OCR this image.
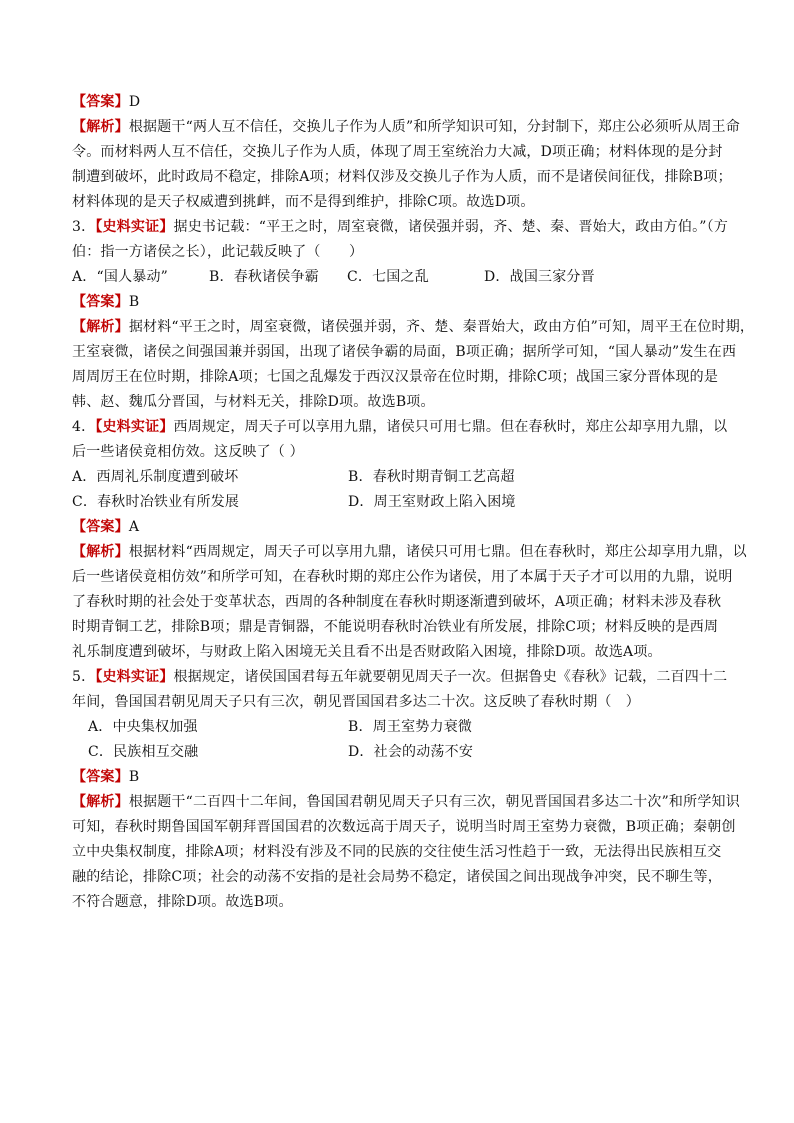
【答案】D
【解析】根据题干“两人互不信任，交换儿子作为人质”和所学知识可知，分封制下，郑庄公必须听从周王命
令。而材料两人互不信任，交换儿子作为人质，体现了周王室统治力大减，D项正确；材料体现的是分封
制遭到破坏，此时政局不稳定，排除A项；材料仅涉及交换儿子作为人质，而不是诸侯间征伐，排除B项；
材料体现的是天子权威遭到挑衅，而不是得到维护，排除C项。故选D项。
3．【史料实证】据史书记载：“平王之时，周室衰微，诸侯强并弱，齐、楚、秦、晋始大，政由方伯。”（方
伯：指一方诸侯之长），此记载反映了（　　）
A．“国人暴动”	B．春秋诸侯争霸	C．七国之乱	D．战国三家分晋
【答案】B
【解析】据材料“平王之时，周室衰微，诸侯强并弱，齐、楚、秦晋始大，政由方伯”可知，周平王在位时期，
王室衰微，诸侯之间强国兼并弱国，出现了诸侯争霸的局面，B项正确；据所学可知，“国人暴动”发生在西
周周厉王在位时期，排除A项；七国之乱爆发于西汉汉景帝在位时期，排除C项；战国三家分晋体现的是
韩、赵、魏瓜分晋国，与材料无关，排除D项。故选B项。
4．【史料实证】西周规定，周天子可以享用九鼎，诸侯只可用七鼎。但在春秋时，郑庄公却享用九鼎，以
后一些诸侯竟相仿效。这反映了（ ）
A．西周礼乐制度遭到破坏	B．春秋时期青铜工艺高超
C．春秋时冶铁业有所发展	D．周王室财政上陷入困境
【答案】A
【解析】根据材料“西周规定，周天子可以享用九鼎，诸侯只可用七鼎。但在春秋时，郑庄公却享用九鼎，以
后一些诸侯竟相仿效”和所学可知，在春秋时期的郑庄公作为诸侯，用了本属于天子才可以用的九鼎，说明
了春秋时期的社会处于变革状态，西周的各种制度在春秋时期逐渐遭到破坏，A项正确；材料未涉及春秋
时期青铜工艺，排除B项；鼎是青铜器，不能说明春秋时冶铁业有所发展，排除C项；材料反映的是西周
礼乐制度遭到破坏，与财政上陷入困境无关且看不出是否财政陷入困境，排除D项。故选A项。
5．【史料实证】根据规定，诸侯国国君每五年就要朝见周天子一次。但据鲁史《春秋》记载，二百四十二
年间，鲁国国君朝见周天子只有三次，朝见晋国国君多达二十次。这反映了春秋时期（　）
A．中央集权加强	B．周王室势力衰微
C．民族相互交融	D．社会的动荡不安
【答案】B
【解析】根据题干“二百四十二年间，鲁国国君朝见周天子只有三次，朝见晋国国君多达二十次”和所学知识
可知，春秋时期鲁国国军朝拜晋国国君的次数远高于周天子，说明当时周王室势力衰微，B项正确；秦朝创
立中央集权制度，排除A项；材料没有涉及不同的民族的交往使生活习性趋于一致，无法得出民族相互交
融的结论，排除C项；社会的动荡不安指的是社会局势不稳定，诸侯国之间出现战争冲突，民不聊生等，
不符合题意，排除D项。故选B项。
